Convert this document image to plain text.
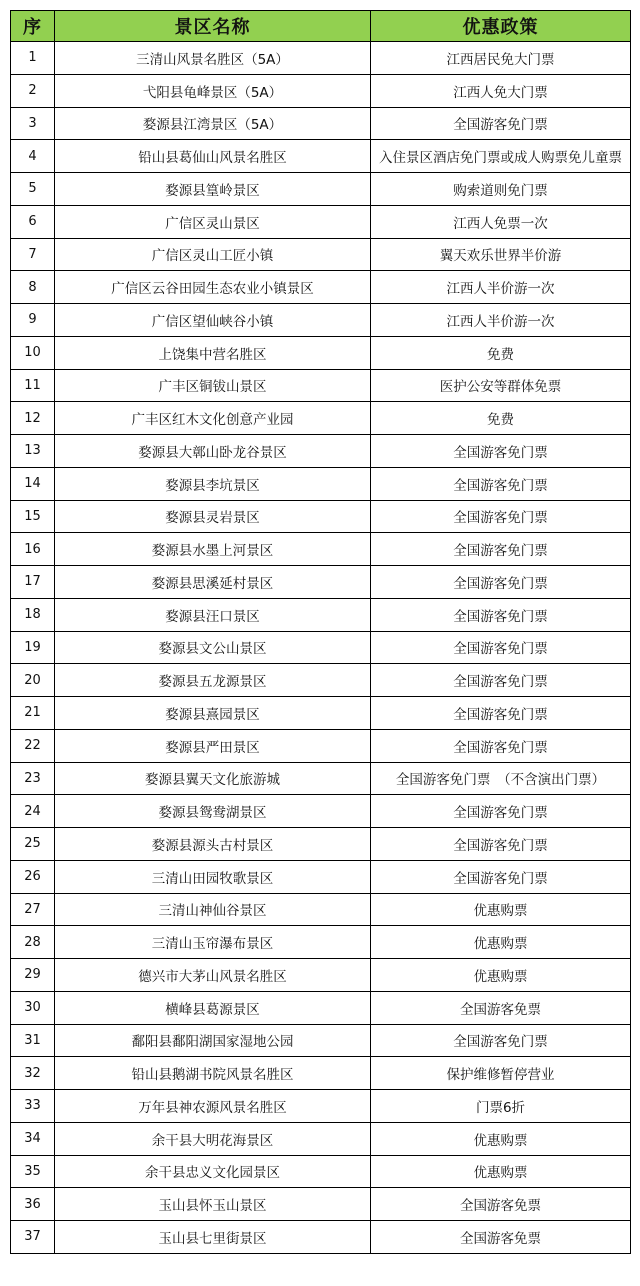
序	景区名称	优惠政策
1	三清山风景名胜区（5A）	江西居民免大门票
2	弋阳县龟峰景区（5A）	江西人免大门票
3	婺源县江湾景区（5A）	全国游客免门票
4	铅山县葛仙山风景名胜区	入住景区酒店免门票或成人购票免儿童票
5	婺源县篁岭景区	购索道则免门票
6	广信区灵山景区	江西人免票一次
7	广信区灵山工匠小镇	翼天欢乐世界半价游
8	广信区云谷田园生态农业小镇景区	江西人半价游一次
9	广信区望仙峡谷小镇	江西人半价游一次
10	上饶集中营名胜区	免费
11	广丰区铜钹山景区	医护公安等群体免票
12	广丰区红木文化创意产业园	免费
13	婺源县大鄣山卧龙谷景区	全国游客免门票
14	婺源县李坑景区	全国游客免门票
15	婺源县灵岩景区	全国游客免门票
16	婺源县水墨上河景区	全国游客免门票
17	婺源县思溪延村景区	全国游客免门票
18	婺源县汪口景区	全国游客免门票
19	婺源县文公山景区	全国游客免门票
20	婺源县五龙源景区	全国游客免门票
21	婺源县熹园景区	全国游客免门票
22	婺源县严田景区	全国游客免门票
23	婺源县翼天文化旅游城	全国游客免门票　（不含演出门票）
24	婺源县鸳鸯湖景区	全国游客免门票
25	婺源县源头古村景区	全国游客免门票
26	三清山田园牧歌景区	全国游客免门票
27	三清山神仙谷景区	优惠购票
28	三清山玉帘瀑布景区	优惠购票
29	德兴市大茅山风景名胜区	优惠购票
30	横峰县葛源景区	全国游客免票
31	鄱阳县鄱阳湖国家湿地公园	全国游客免门票
32	铅山县鹅湖书院风景名胜区	保护维修暂停营业
33	万年县神农源风景名胜区	门票6折
34	余干县大明花海景区	优惠购票
35	余干县忠义文化园景区	优惠购票
36	玉山县怀玉山景区	全国游客免票
37	玉山县七里街景区	全国游客免票
